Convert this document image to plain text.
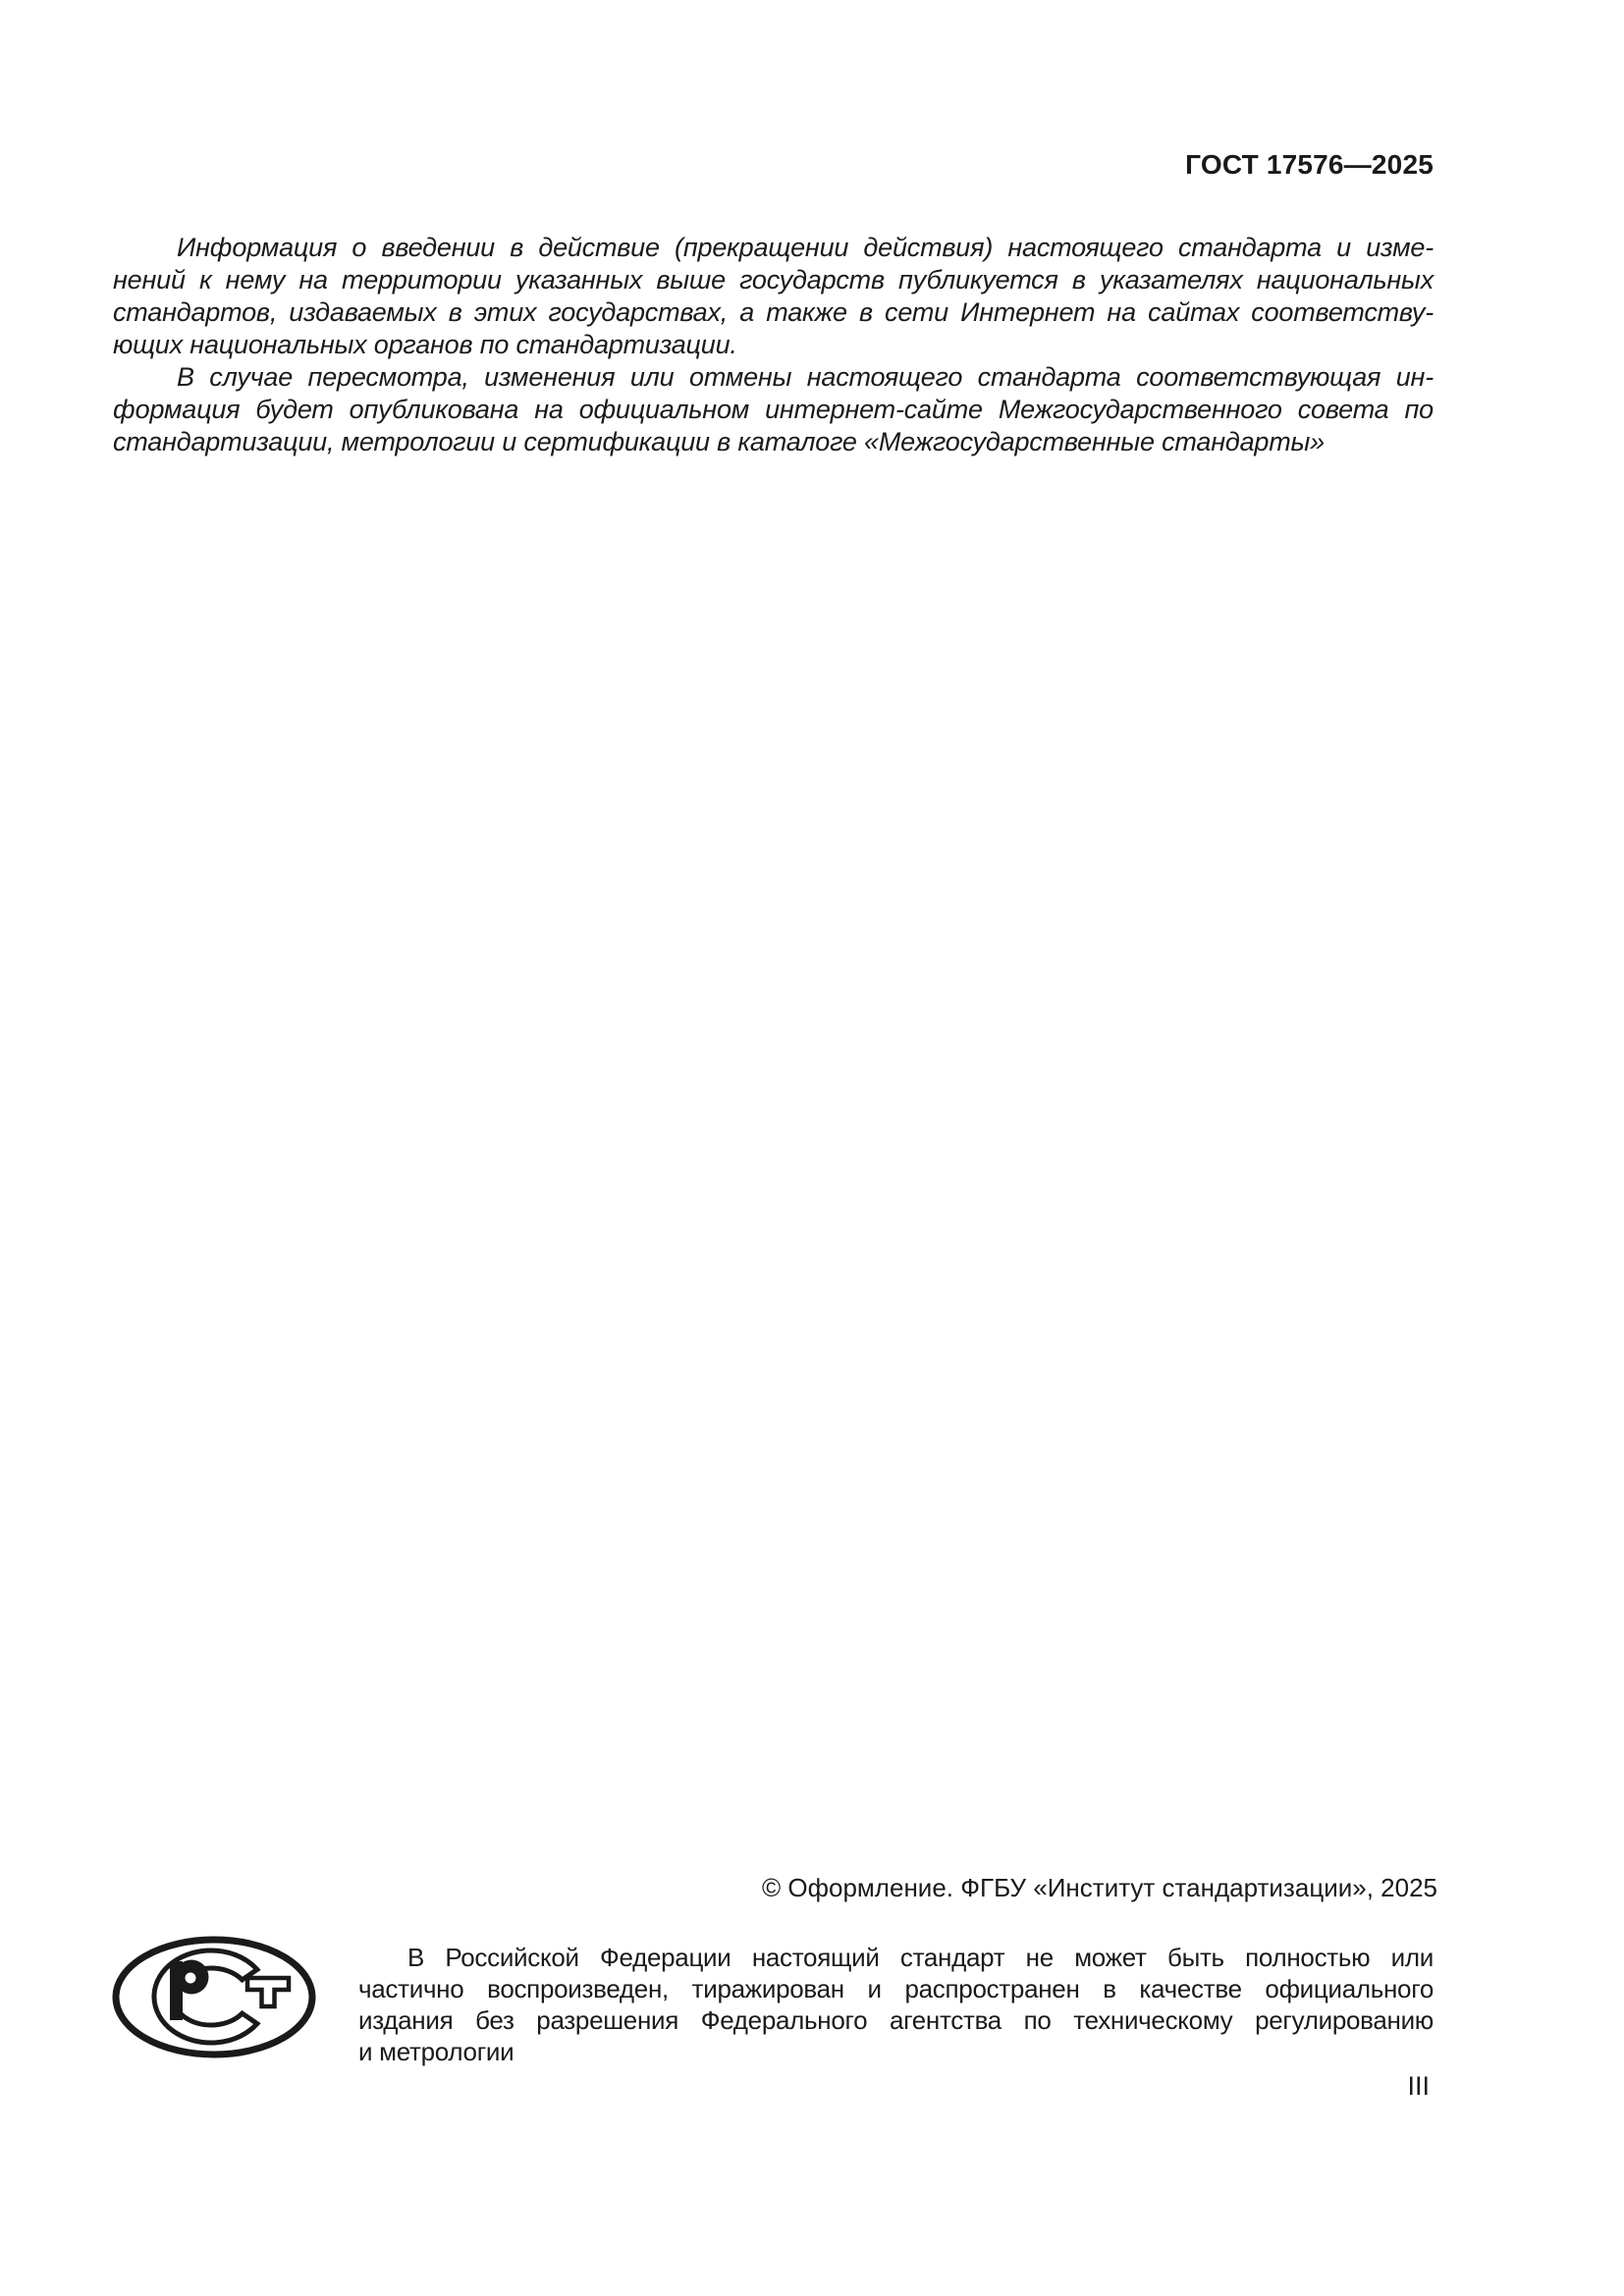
ГОСТ 17576—2025
Информация о введении в действие (прекращении действия) настоящего стандарта и изме-
нений к нему на территории указанных выше государств публикуется в указателях национальных
стандартов, издаваемых в этих государствах, а также в сети Интернет на сайтах соответству-
ющих национальных органов по стандартизации.
В случае пересмотра, изменения или отмены настоящего стандарта соответствующая ин-
формация будет опубликована на официальном интернет-сайте Межгосударственного совета по
стандартизации, метрологии и сертификации в каталоге «Межгосударственные стандарты»
© Оформление. ФГБУ «Институт стандартизации», 2025
В Российской Федерации настоящий стандарт не может быть полностью или
частично воспроизведен, тиражирован и распространен в качестве официального
издания без разрешения Федерального агентства по техническому регулированию
и метрологии
III
